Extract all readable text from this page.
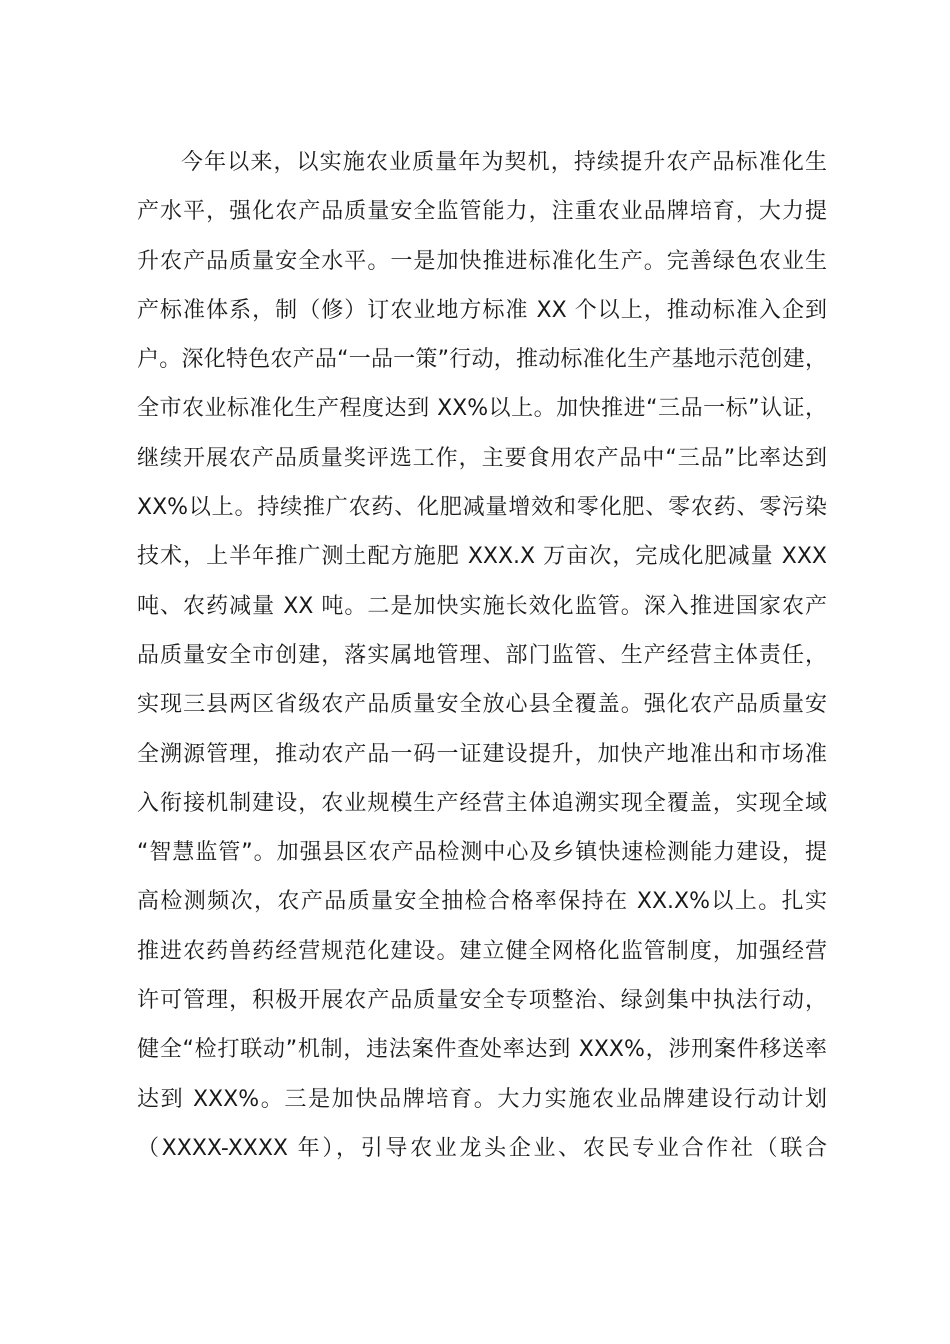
今年以来，以实施农业质量年为契机，持续提升农产品标准化生
产水平，强化农产品质量安全监管能力，注重农业品牌培育，大力提
升农产品质量安全水平。一是加快推进标准化生产。完善绿色农业生
产标准体系，制（修）订农业地方标准 XX 个以上，推动标准入企到
户。深化特色农产品“一品一策”行动，推动标准化生产基地示范创建，
全市农业标准化生产程度达到 XX%以上。加快推进“三品一标”认证，
继续开展农产品质量奖评选工作，主要食用农产品中“三品”比率达到
XX%以上。持续推广农药、化肥减量增效和零化肥、零农药、零污染
技术，上半年推广测土配方施肥 XXX.X 万亩次，完成化肥减量 XXX
吨、农药减量 XX 吨。二是加快实施长效化监管。深入推进国家农产
品质量安全市创建，落实属地管理、部门监管、生产经营主体责任，
实现三县两区省级农产品质量安全放心县全覆盖。强化农产品质量安
全溯源管理，推动农产品一码一证建设提升，加快产地准出和市场准
入衔接机制建设，农业规模生产经营主体追溯实现全覆盖，实现全域
“智慧监管”。加强县区农产品检测中心及乡镇快速检测能力建设，提
高检测频次，农产品质量安全抽检合格率保持在 XX.X%以上。扎实
推进农药兽药经营规范化建设。建立健全网格化监管制度，加强经营
许可管理，积极开展农产品质量安全专项整治、绿剑集中执法行动，
健全“检打联动”机制，违法案件查处率达到 XXX%，涉刑案件移送率
达到 XXX%。三是加快品牌培育。大力实施农业品牌建设行动计划
（XXXX-XXXX 年），引导农业龙头企业、农民专业合作社（联合
